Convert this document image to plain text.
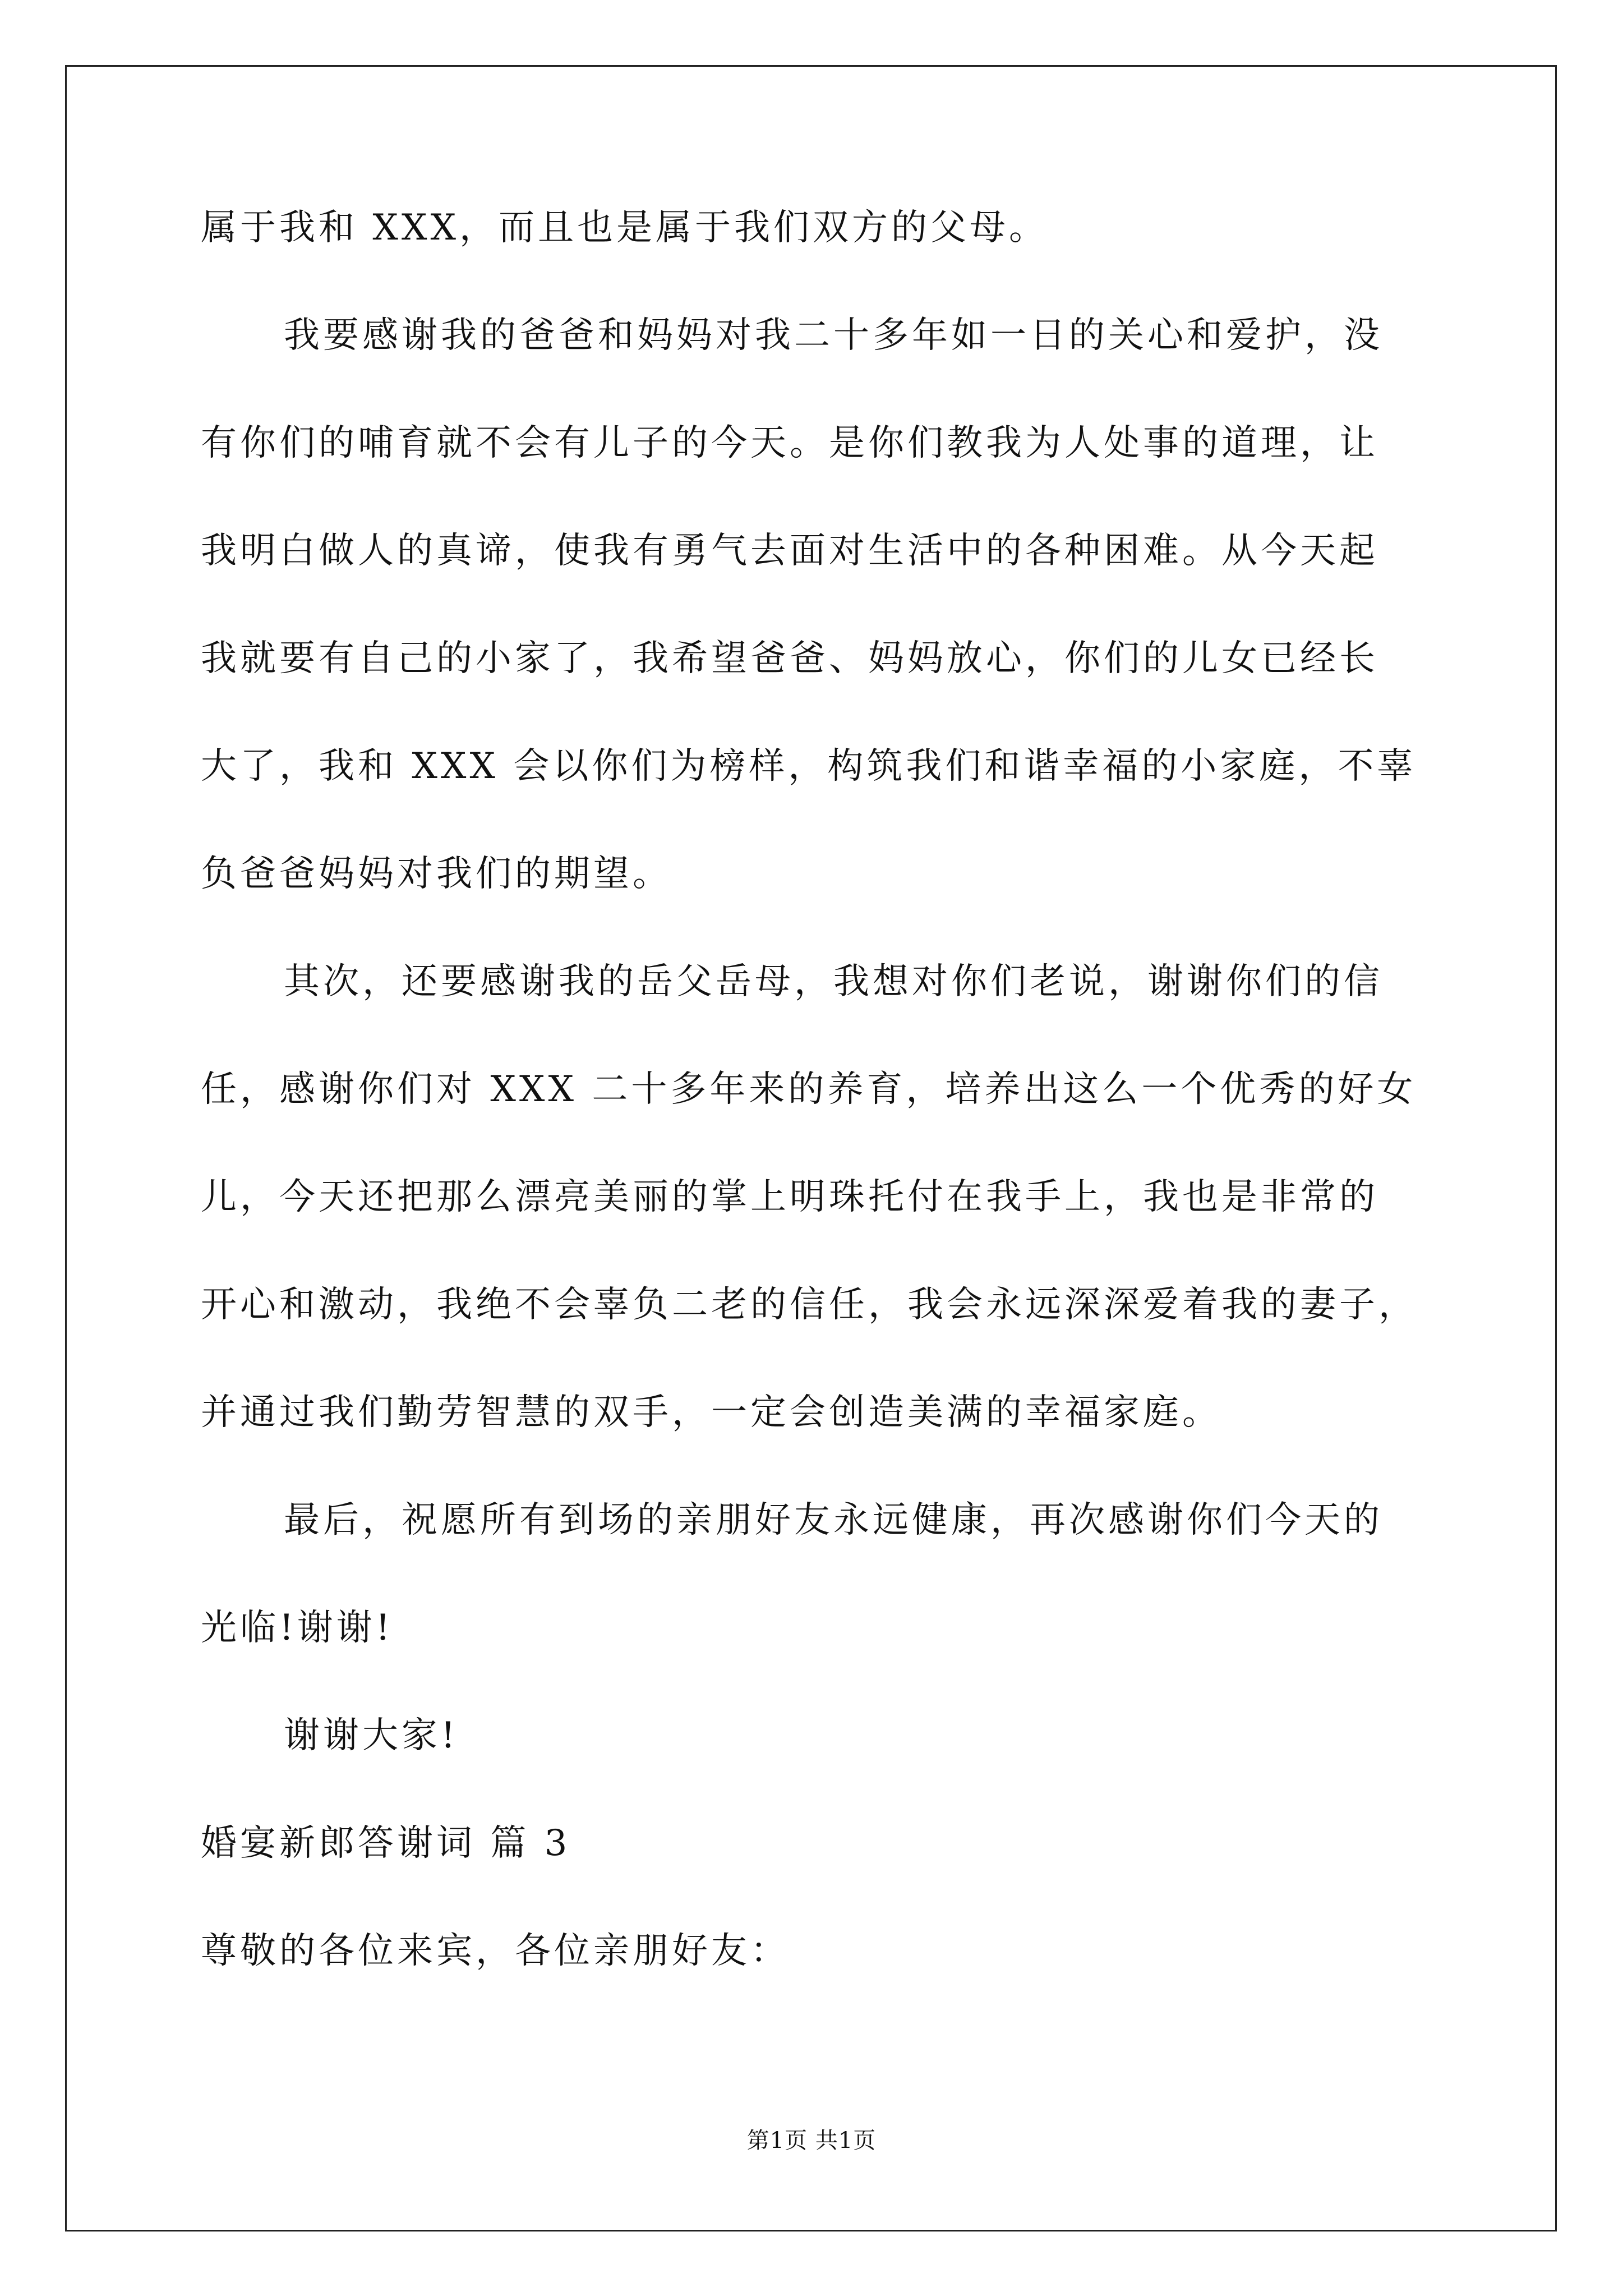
属于我和 XXX，而且也是属于我们双方的父母。
我要感谢我的爸爸和妈妈对我二十多年如一日的关心和爱护，没
有你们的哺育就不会有儿子的今天。是你们教我为人处事的道理，让
我明白做人的真谛，使我有勇气去面对生活中的各种困难。从今天起
我就要有自己的小家了，我希望爸爸、妈妈放心，你们的儿女已经长
大了，我和 XXX 会以你们为榜样，构筑我们和谐幸福的小家庭，不辜
负爸爸妈妈对我们的期望。
其次，还要感谢我的岳父岳母，我想对你们老说，谢谢你们的信
任，感谢你们对 XXX 二十多年来的养育，培养出这么一个优秀的好女
儿，今天还把那么漂亮美丽的掌上明珠托付在我手上，我也是非常的
开心和激动，我绝不会辜负二老的信任，我会永远深深爱着我的妻子，
并通过我们勤劳智慧的双手，一定会创造美满的幸福家庭。
最后，祝愿所有到场的亲朋好友永远健康，再次感谢你们今天的
光临!谢谢!
谢谢大家!
婚宴新郎答谢词 篇 3
尊敬的各位来宾，各位亲朋好友：
第1页 共1页
